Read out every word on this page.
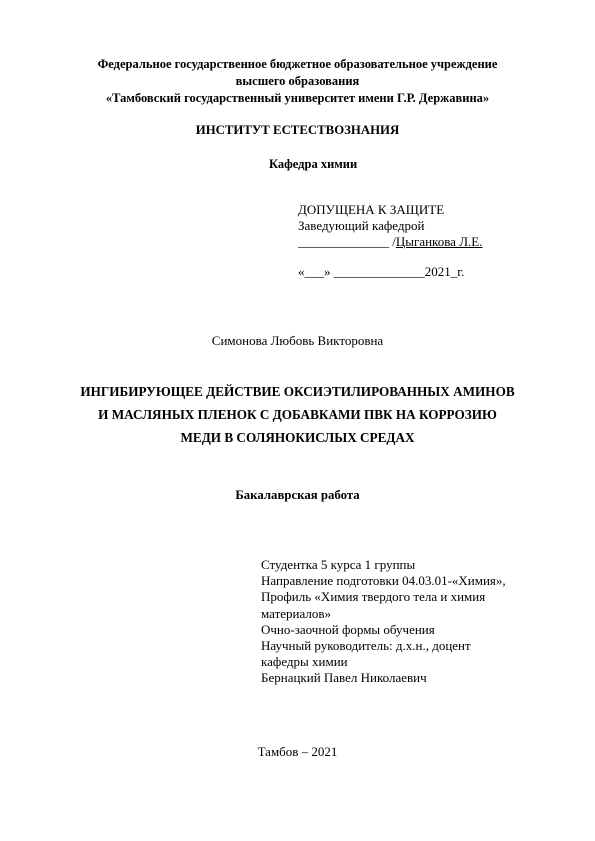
Федеральное государственное бюджетное образовательное учреждение
высшего образования
«Тамбовский государственный университет имени Г.Р. Державина»
ИНСТИТУТ ЕСТЕСТВОЗНАНИЯ
Кафедра химии
ДОПУЩЕНА К ЗАЩИТЕ
Заведующий кафедрой
______________ /Цыганкова Л.Е.
«___» ______________2021_г.
Симонова Любовь Викторовна
ИНГИБИРУЮЩЕЕ ДЕЙСТВИЕ ОКСИЭТИЛИРОВАННЫХ АМИНОВ
И МАСЛЯНЫХ ПЛЕНОК С ДОБАВКАМИ ПВК НА КОРРОЗИЮ
МЕДИ В СОЛЯНОКИСЛЫХ СРЕДАХ
Бакалаврская работа
Студентка 5 курса 1 группы
Направление подготовки 04.03.01-«Химия»,
Профиль «Химия твердого тела и химия
материалов»
Очно-заочной формы обучения
Научный руководитель: д.х.н., доцент
кафедры химии
Бернацкий Павел Николаевич
Тамбов – 2021
